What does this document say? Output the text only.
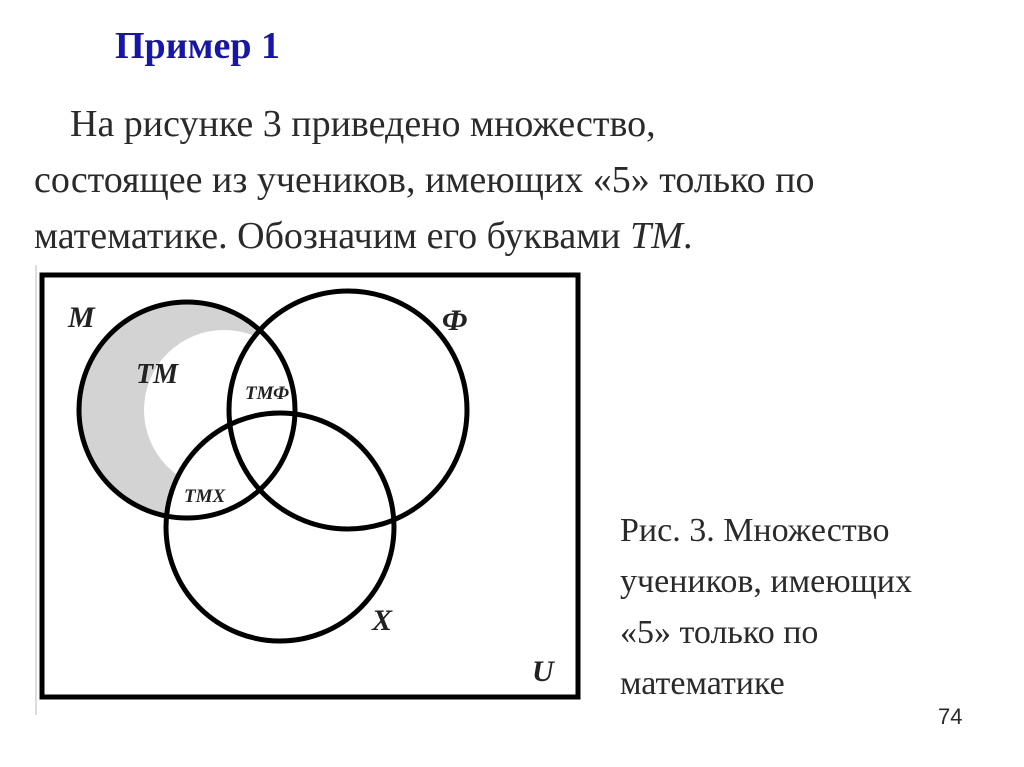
Пример 1
На рисунке 3 приведено множество,
состоящее из учеников, имеющих «5» только по
математике. Обозначим его буквами ТМ.
М	Ф
Х
U
ТМ
ТМФ
ТМХ
Рис. 3. Множество
учеников, имеющих
«5» только по
математике
74
